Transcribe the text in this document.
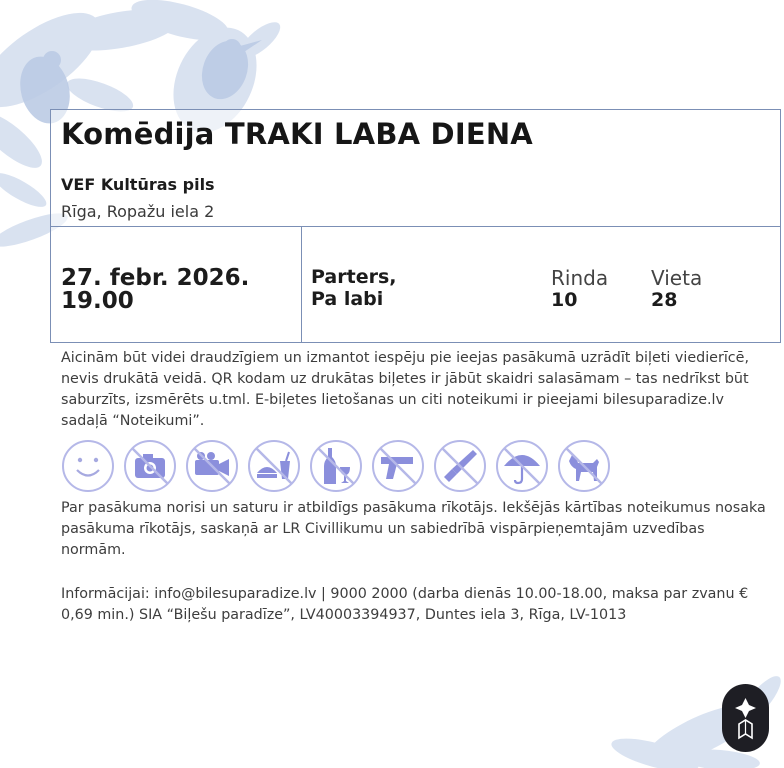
Komēdija TRAKI LABA DIENA
VEF Kultūras pils
Rīga, Ropažu iela 2
27. febr. 2026.
19.00
Parters,
Pa labi
Rinda
10
Vieta
28
Aicinām būt videi draudzīgiem un izmantot iespēju pie ieejas pasākumā uzrādīt biļeti viedierīcē, nevis drukātā veidā. QR kodam uz drukātas biļetes ir jābūt skaidri salasāmam – tas nedrīkst būt saburzīts, izsmērēts u.tml. E-biļetes lietošanas un citi noteikumi ir pieejami bilesuparadize.lv sadaļā “Noteikumi”.
Par pasākuma norisi un saturu ir atbildīgs pasākuma rīkotājs. Iekšējās kārtības noteikumus nosaka pasākuma rīkotājs, saskaņā ar LR Civillikumu un sabiedrībā vispārpieņemtajām uzvedības normām.
Informācijai: info@bilesuparadize.lv | 9000 2000 (darba dienās 10.00-18.00, maksa par zvanu € 0,69 min.) SIA “Biļešu paradīze”, LV40003394937, Duntes iela 3, Rīga, LV-1013
